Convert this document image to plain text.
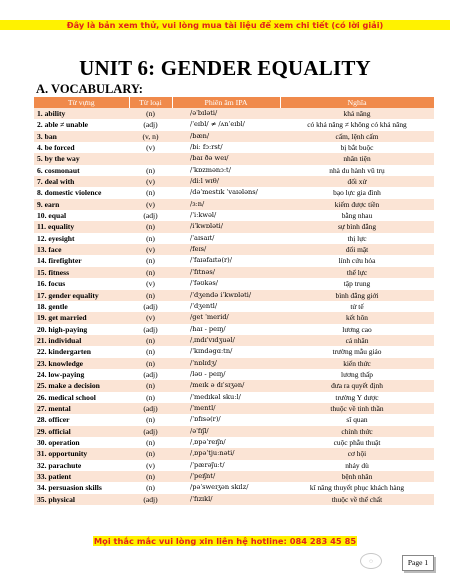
Đây là bản xem thử, vui lòng mua tài liệu để xem chi tiết (có lời giải)
UNIT 6: GENDER EQUALITY
A. VOCABULARY:
Từ vựng	Từ loại	Phiên âm IPA	Nghĩa
1. ability	(n)	/əˈbɪləti/	khả năng
2. able ≠ unable	(adj)	/ˈeɪbl/ ≠ /ʌnˈeɪbl/	có khả năng ≠ không có khả năng
3. ban	(v, n)	/bæn/	cấm, lệnh cấm
4. be forced	(v)	/biː fɔːrst/	bị bắt buộc
5. by the way		/baɪ ðə weɪ/	nhân tiện
6. cosmonaut	(n)	/ˈkɒzmənɔːt/	nhà du hành vũ trụ
7. deal with	(v)	/diːl wɪθ/	đối xử
8. domestic violence	(n)	/dəˈmestɪk ˈvaɪələns/	bạo lực gia đình
9. earn	(v)	/ɜːn/	kiếm được tiền
10. equal	(adj)	/ˈiːkwəl/	bằng nhau
11. equality	(n)	/iˈkwɒləti/	sự bình đẳng
12. eyesight	(n)	/ˈaɪsaɪt/	thị lực
13. face	(v)	/feɪs/	đối mặt
14. firefighter	(n)	/ˈfaɪəfaɪtə(r)/	lính cứu hỏa
15. fitness	(n)	/ˈfɪtnəs/	thể lực
16. focus	(v)	/ˈfəʊkəs/	tập trung
17. gender equality	(n)	/ˈdʒendə iˈkwɒləti/	bình đẳng giới
18. gentle	(adj)	/ˈdʒentl/	tử tế
19. get married	(v)	/get ˈmerid/	kết hôn
20. high-paying	(adj)	/haɪ - peɪŋ/	lương cao
21. individual	(n)	/ˌɪndɪˈvɪdʒuəl/	cá nhân
22. kindergarten	(n)	/ˈkɪndəgɑːtn/	trường mẫu giáo
23. knowledge	(n)	/ˈnɒlɪdʒ/	kiến thức
24. low-paying	(adj)	/ləʊ - peɪŋ/	lương thấp
25. make a decision	(n)	/meɪk ə dɪˈsɪʒən/	đưa ra quyết định
26. medical school	(n)	/ˈmedɪkəl skuːl/	trường Y dược
27. mental	(adj)	/ˈmentl/	thuộc về tinh thần
28. officer	(n)	/ˈɒfɪsə(r)/	sĩ quan
29. official	(adj)	/əˈfɪʃl/	chính thức
30. operation	(n)	/ˌɒpəˈreɪʃn/	cuộc phẫu thuật
31. opportunity	(n)	/ˌɒpəˈtjuːnəti/	cơ hội
32. parachute	(v)	/ˈpærəʃuːt/	nhảy dù
33. patient	(n)	/ˈpeɪʃnt/	bệnh nhân
34. persuasion skills	(n)	/pəˈsweɪʒən skɪlz/	kĩ năng thuyết phục khách hàng
35. physical	(adj)	/ˈfɪzɪkl/	thuộc về thể chất
Mọi thắc mắc vui lòng xin liên hệ hotline: 084 283 45 85
◯	Page 1
